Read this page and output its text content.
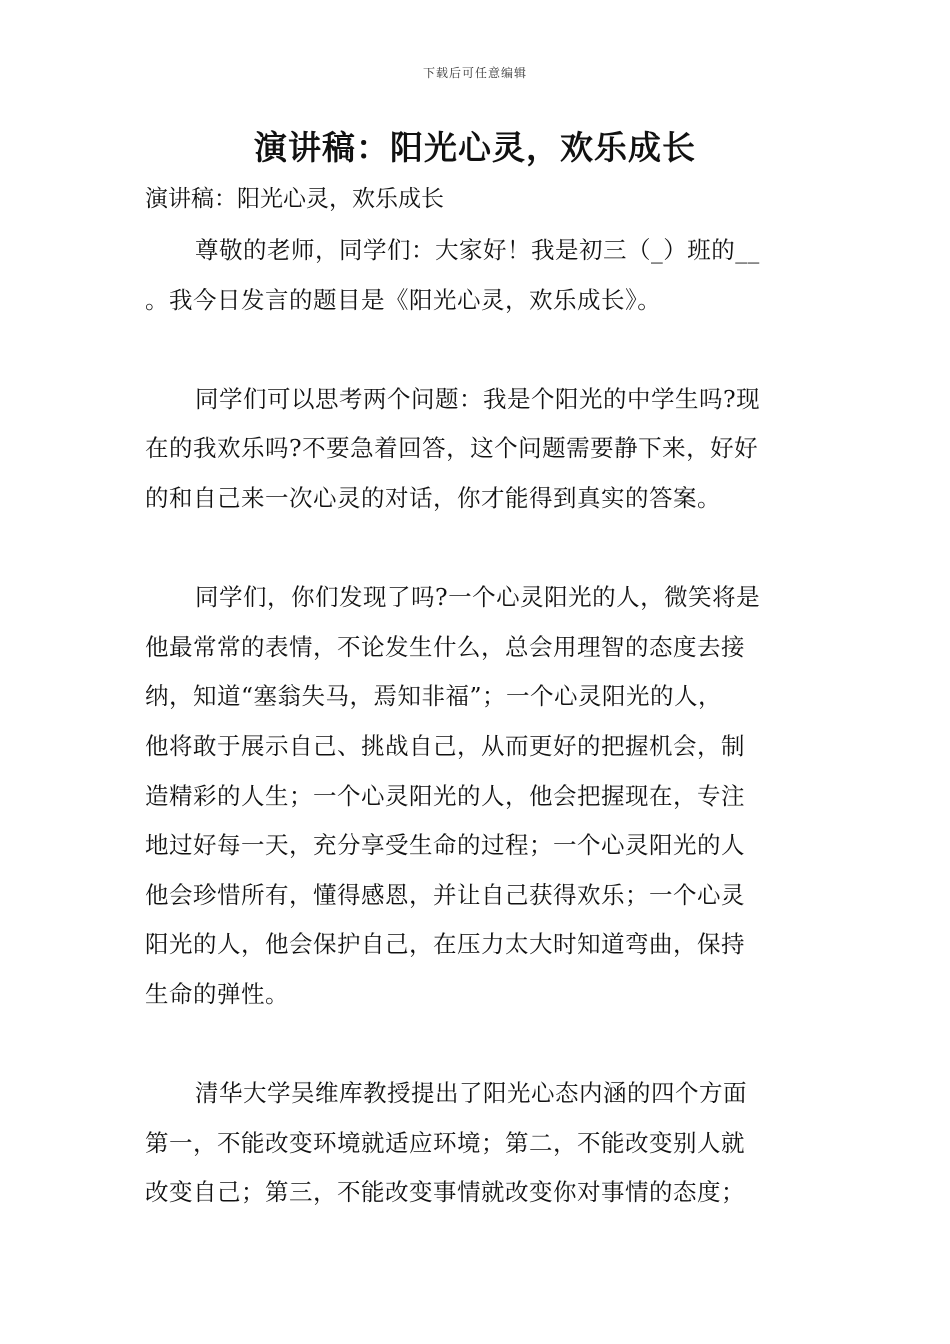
下载后可任意编辑
演讲稿：阳光心灵，欢乐成长
演讲稿：阳光心灵，欢乐成长
尊敬的老师，同学们：大家好！我是初三（_）班的__
。我今日发言的题目是《阳光心灵，欢乐成长》。
同学们可以思考两个问题：我是个阳光的中学生吗?现
在的我欢乐吗?不要急着回答，这个问题需要静下来，好好
的和自己来一次心灵的对话，你才能得到真实的答案。
同学们，你们发现了吗?一个心灵阳光的人，微笑将是
他最常常的表情，不论发生什么，总会用理智的态度去接
纳，知道“塞翁失马，焉知非福”；一个心灵阳光的人，
他将敢于展示自己、挑战自己，从而更好的把握机会，制
造精彩的人生；一个心灵阳光的人，他会把握现在，专注
地过好每一天，充分享受生命的过程；一个心灵阳光的人
他会珍惜所有，懂得感恩，并让自己获得欢乐；一个心灵
阳光的人，他会保护自己，在压力太大时知道弯曲，保持
生命的弹性。
清华大学吴维库教授提出了阳光心态内涵的四个方面
第一，不能改变环境就适应环境；第二，不能改变别人就
改变自己；第三，不能改变事情就改变你对事情的态度；
